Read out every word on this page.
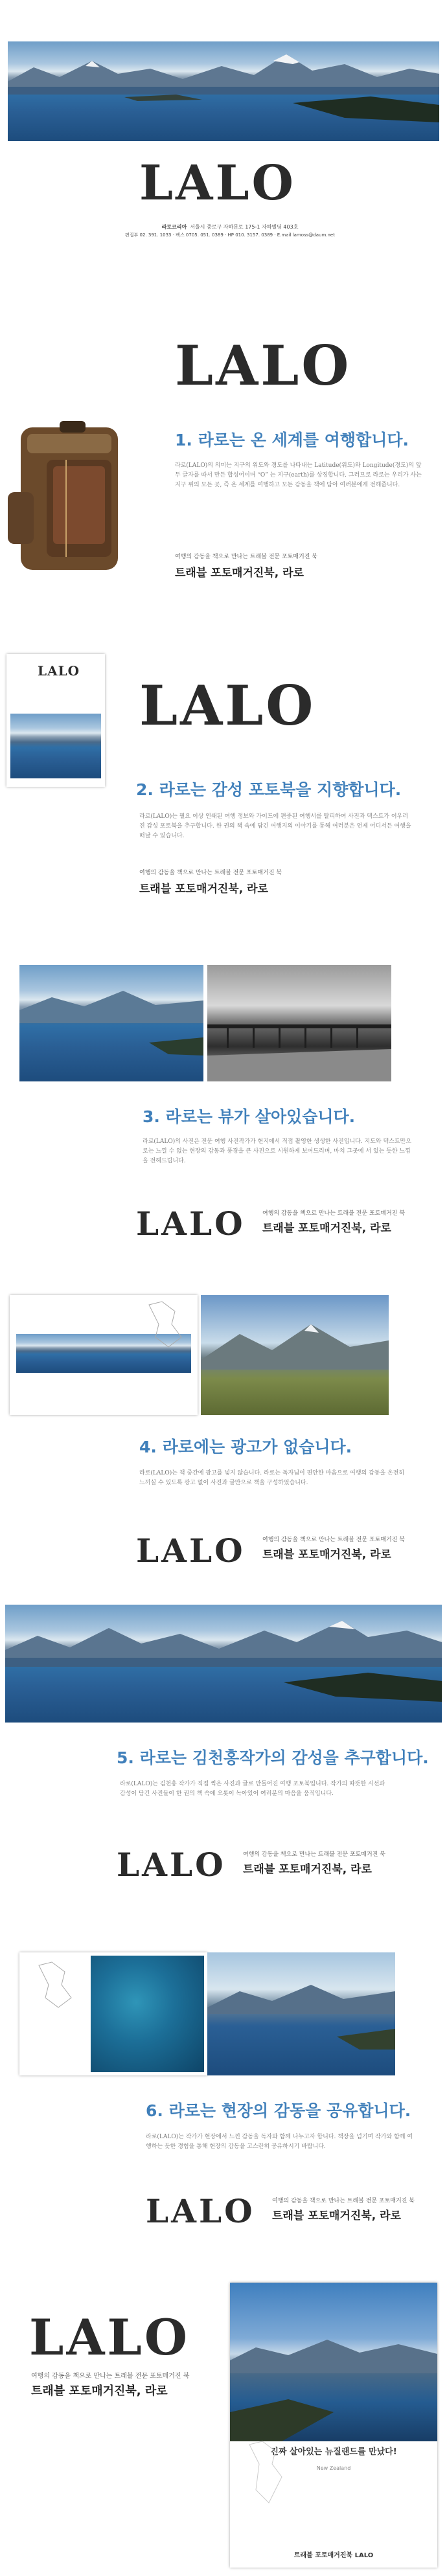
LALO
라로코리아 서울시 중로구 자하문로 175-1 자하빌딩 403호
편집부 02. 391. 1033 · 팩스 0705. 051. 0389 · HP 010. 3157. 0389 · E.mail lamoss@daum.net
LALO
1. 라로는 온 세계를 여행합니다.
라로(LALO)의 의미는 지구의 위도와 경도를 나타내는 Latitude(위도)와 Longitude(경도)의 앞 두 글자를 따서 만든 합성어이며 “O” 는 지구(earth)를 상징합니다. 그러므로 라로는 우리가 사는 지구 위의 모든 곳, 즉 온 세계를 여행하고 모든 감동을 책에 담아 여러분에게 전해줍니다.
여행의 감동을 책으로 만나는 트래블 전문 포토매거진 북
트래블 포토매거진북, 라로
LALO
LALO
2. 라로는 감성 포토북을 지향합니다.
라로(LALO)는 필요 이상 인쇄된 여행 정보와 가이드에 편중된 여행서를 탈피하여 사진과 텍스트가 어우러진 감성 포토북을 추구합니다. 한 권의 책 속에 담긴 여행지의 이야기를 통해 여러분은 언제 어디서든 여행을 떠날 수 있습니다.
여행의 감동을 책으로 만나는 트래블 전문 포토매거진 북
트래블 포토매거진북, 라로
3. 라로는 뷰가 살아있습니다.
라로(LALO)의 사진은 전문 여행 사진작가가 현지에서 직접 촬영한 생생한 사진입니다. 지도와 텍스트만으로는 느낄 수 없는 현장의 감동과 풍경을 큰 사진으로 시원하게 보여드리며, 마치 그곳에 서 있는 듯한 느낌을 전해드립니다.
LALO	여행의 감동을 책으로 만나는 트래블 전문 포토매거진 북
트래블 포토매거진북, 라로
4. 라로에는 광고가 없습니다.
라로(LALO)는 책 중간에 광고를 넣지 않습니다. 라로는 독자님이 편안한 마음으로 여행의 감동을 온전히 느끼실 수 있도록 광고 없이 사진과 글만으로 책을 구성하였습니다.
LALO	여행의 감동을 책으로 만나는 트래블 전문 포토매거진 북
트래블 포토매거진북, 라로
5. 라로는 김천홍작가의 감성을 추구합니다.
라로(LALO)는 김천홍 작가가 직접 찍은 사진과 글로 만들어진 여행 포토북입니다. 작가의 따뜻한 시선과 감성이 담긴 사진들이 한 권의 책 속에 오롯이 녹아있어 여러분의 마음을 움직입니다.
LALO	여행의 감동을 책으로 만나는 트래블 전문 포토매거진 북
트래블 포토매거진북, 라로
6. 라로는 현장의 감동을 공유합니다.
라로(LALO)는 작가가 현장에서 느낀 감동을 독자와 함께 나누고자 합니다. 책장을 넘기며 작가와 함께 여행하는 듯한 경험을 통해 현장의 감동을 고스란히 공유하시기 바랍니다.
LALO	여행의 감동을 책으로 만나는 트래블 전문 포토매거진 북
트래블 포토매거진북, 라로
LALO
여행의 감동을 책으로 만나는 트래블 전문 포토매거진 북
트래블 포토매거진북, 라로
진짜 살아있는 뉴질랜드를 만났다!
New Zealand
트래블 포토매거진북 LALO
